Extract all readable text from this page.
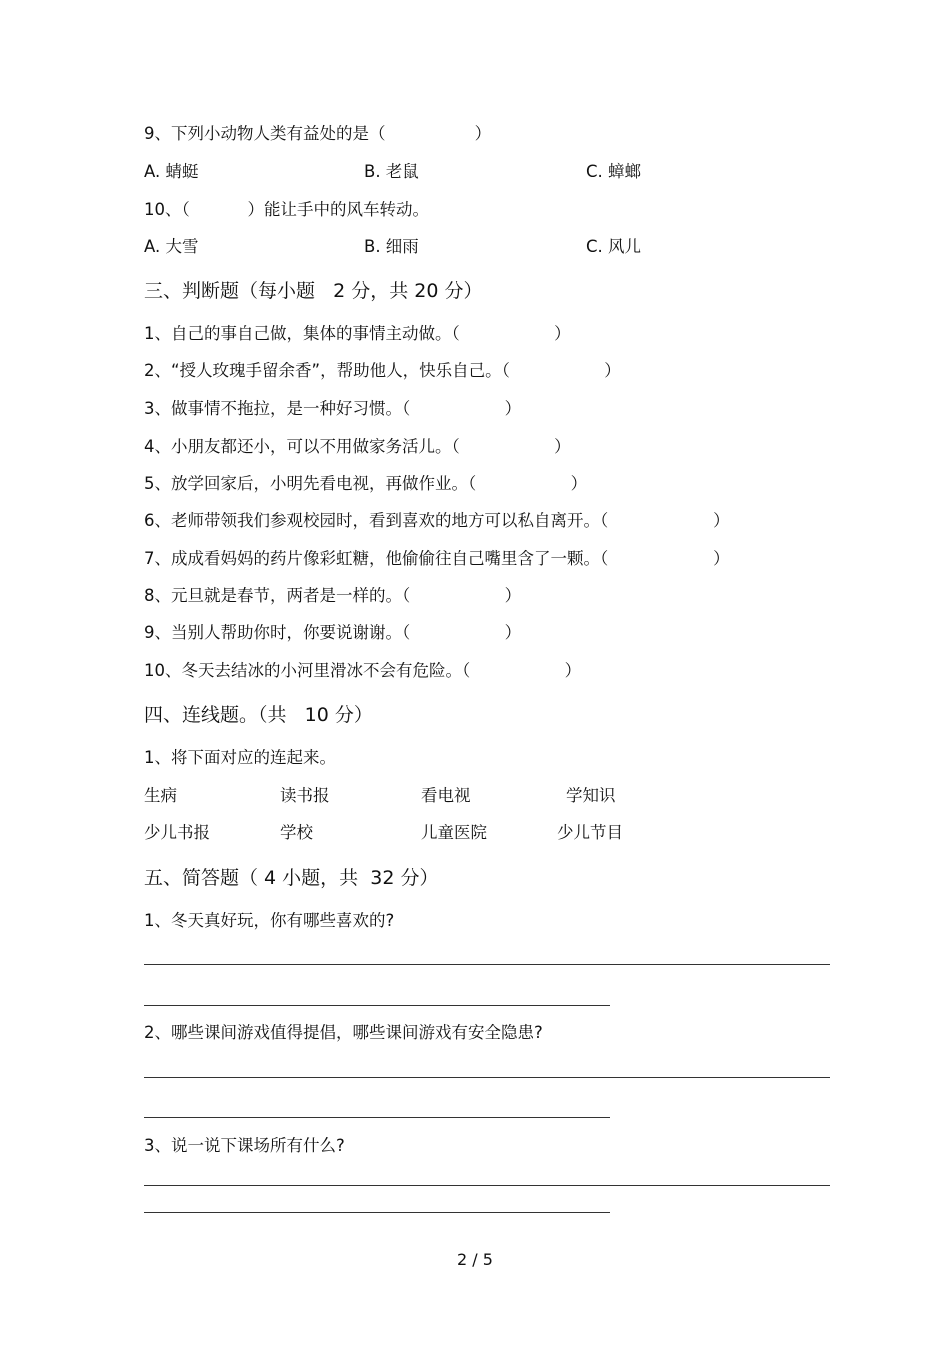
9、下列小动物人类有益处的是（                 ）
A. 蜻蜓	B. 老鼠	C. 蟑螂
10、（           ）能让手中的风车转动。
A. 大雪	B. 细雨	C. 风儿
三、判断题（每小题   2 分，共 20 分）
1、自己的事自己做，集体的事情主动做。（                  ）
2、“授人玫瑰手留余香”，帮助他人，快乐自己。（                  ）
3、做事情不拖拉，是一种好习惯。（                  ）
4、小朋友都还小，可以不用做家务活儿。（                  ）
5、放学回家后，小明先看电视，再做作业。（                  ）
6、老师带领我们参观校园时，看到喜欢的地方可以私自离开。（                    ）
7、成成看妈妈的药片像彩虹糖，他偷偷往自己嘴里含了一颗。（                    ）
8、元旦就是春节，两者是一样的。（                  ）
9、当别人帮助你时，你要说谢谢。（                  ）
10、冬天去结冰的小河里滑冰不会有危险。（                  ）
四、连线题。（共   10 分）
1、将下面对应的连起来。
生病	读书报	看电视	学知识
少儿书报	学校	儿童医院	少儿节目
五、简答题（ 4 小题，共  32 分）
1、冬天真好玩，你有哪些喜欢的?
2、哪些课间游戏值得提倡，哪些课间游戏有安全隐患?
3、说一说下课场所有什么?
2 / 5
